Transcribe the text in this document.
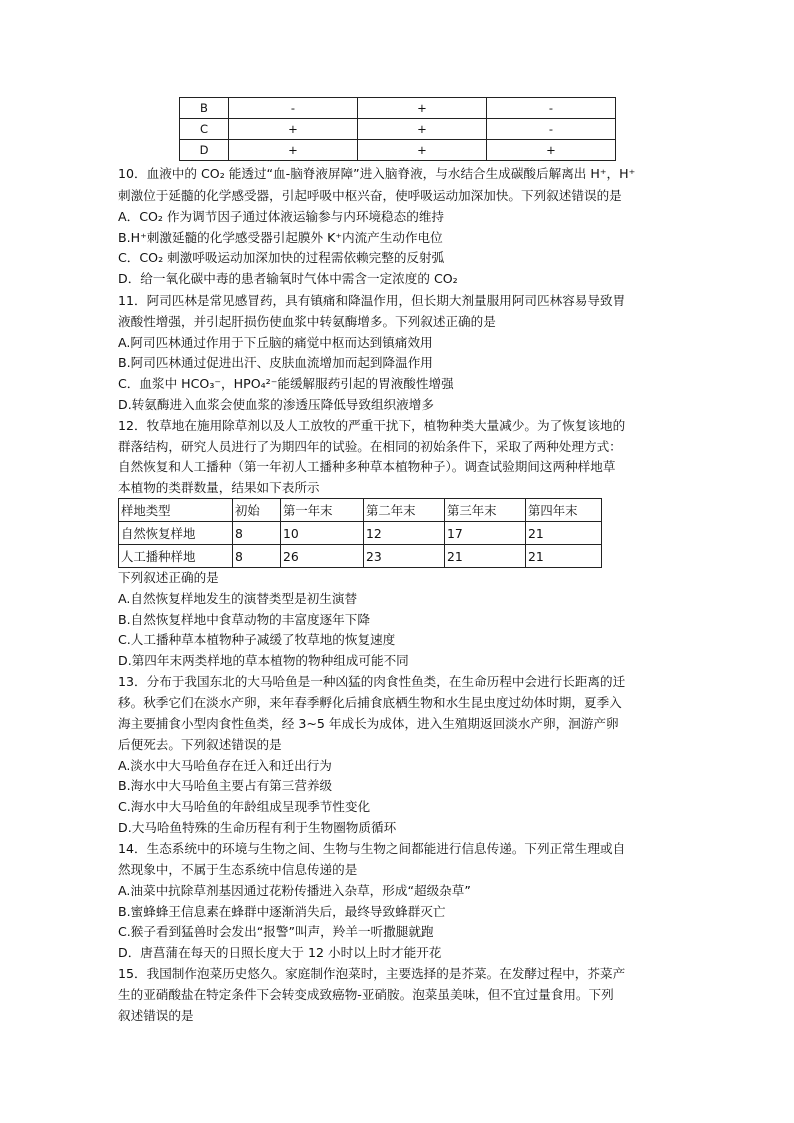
B	-	+	-
C	+	+	-
D	+	+	+
10．血液中的 CO₂ 能透过“血-脑脊液屏障”进入脑脊液，与水结合生成碳酸后解离出 H⁺，H⁺
刺激位于延髓的化学感受器，引起呼吸中枢兴奋，使呼吸运动加深加快。下列叙述错误的是
A．CO₂ 作为调节因子通过体液运输参与内环境稳态的维持
B.H⁺刺激延髓的化学感受器引起膜外 K⁺内流产生动作电位
C．CO₂ 刺激呼吸运动加深加快的过程需依赖完整的反射弧
D．给一氧化碳中毒的患者输氧时气体中需含一定浓度的 CO₂
11．阿司匹林是常见感冒药，具有镇痛和降温作用，但长期大剂量服用阿司匹林容易导致胃
液酸性增强，并引起肝损伤使血浆中转氨酶增多。下列叙述正确的是
A.阿司匹林通过作用于下丘脑的痛觉中枢而达到镇痛效用
B.阿司匹林通过促进出汗、皮肤血流增加而起到降温作用
C．血浆中 HCO₃⁻，HPO₄²⁻能缓解服药引起的胃液酸性增强
D.转氨酶进入血浆会使血浆的渗透压降低导致组织液增多
12．牧草地在施用除草剂以及人工放牧的严重干扰下，植物种类大量减少。为了恢复该地的
群落结构，研究人员进行了为期四年的试验。在相同的初始条件下，采取了两种处理方式：
自然恢复和人工播种（第一年初人工播种多种草本植物种子）。调查试验期间这两种样地草
本植物的类群数量，结果如下表所示
样地类型	初始	第一年末	第二年末	第三年末	第四年末
自然恢复样地	8	10	12	17	21
人工播种样地	8	26	23	21	21
下列叙述正确的是
A.自然恢复样地发生的演替类型是初生演替
B.自然恢复样地中食草动物的丰富度逐年下降
C.人工播种草本植物种子减缓了牧草地的恢复速度
D.第四年末两类样地的草本植物的物种组成可能不同
13．分布于我国东北的大马哈鱼是一种凶猛的肉食性鱼类，在生命历程中会进行长距离的迁
移。秋季它们在淡水产卵，来年春季孵化后捕食底栖生物和水生昆虫度过幼体时期，夏季入
海主要捕食小型肉食性鱼类，经 3~5 年成长为成体，进入生殖期返回淡水产卵，洄游产卵
后便死去。下列叙述错误的是
A.淡水中大马哈鱼存在迁入和迁出行为
B.海水中大马哈鱼主要占有第三营养级
C.海水中大马哈鱼的年龄组成呈现季节性变化
D.大马哈鱼特殊的生命历程有利于生物圈物质循环
14．生态系统中的环境与生物之间、生物与生物之间都能进行信息传递。下列正常生理或自
然现象中，不属于生态系统中信息传递的是
A.油菜中抗除草剂基因通过花粉传播进入杂草，形成“超级杂草”
B.蜜蜂蜂王信息素在蜂群中逐渐消失后，最终导致蜂群灭亡
C.猴子看到猛兽时会发出“报警”叫声，羚羊一听撒腿就跑
D．唐菖蒲在每天的日照长度大于 12 小时以上时才能开花
15．我国制作泡菜历史悠久。家庭制作泡菜时，主要选择的是芥菜。在发酵过程中，芥菜产
生的亚硝酸盐在特定条件下会转变成致癌物-亚硝胺。泡菜虽美味，但不宜过量食用。下列
叙述错误的是
